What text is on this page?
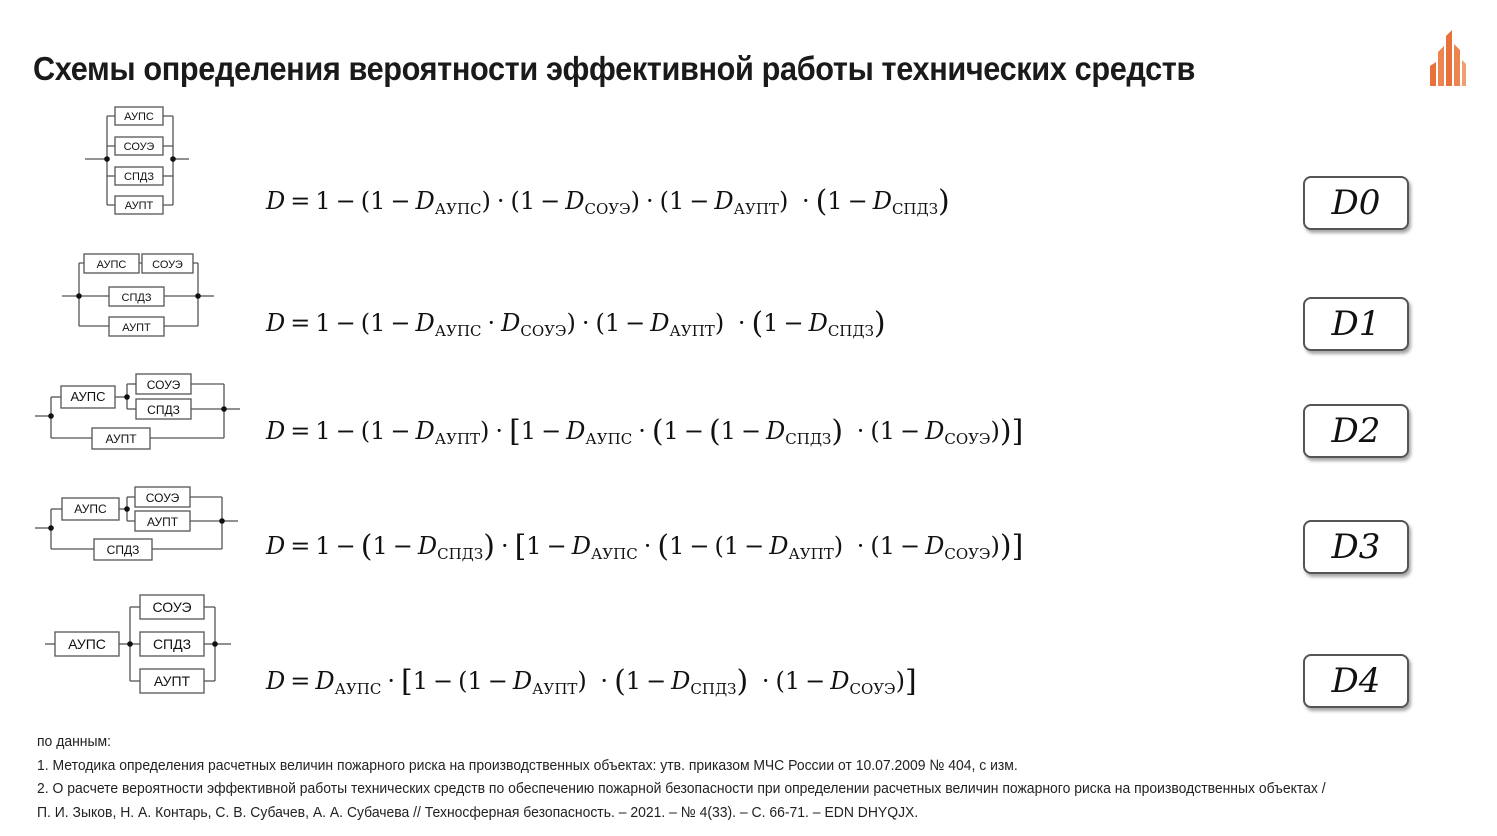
Схемы определения вероятности эффективной работы технических средств
АУПС
СОУЭ
СПДЗ
АУПТ
АУПС СОУЭ
СПДЗ
АУПТ
АУПС
СОУЭ
СПДЗ
АУПТ
АУПС
СОУЭ
АУПТ
СПДЗ
АУПС
СОУЭ
СПДЗ
АУПТ
$D = 1 - (1 - D_{АУПС}) \cdot (1 - D_{СОУЭ}) \cdot (1 - D_{АУПТ}) \cdot (1 - D_{СПДЗ})$
$D = 1 - (1 - D_{АУПС} \cdot D_{СОУЭ}) \cdot (1 - D_{АУПТ}) \cdot (1 - D_{СПДЗ})$
$D = 1 - (1 - D_{АУПТ}) \cdot [1 - D_{АУПС} \cdot (1 - (1 - D_{СПДЗ}) \cdot (1 - D_{СОУЭ}))]$
$D = 1 - (1 - D_{СПДЗ}) \cdot [1 - D_{АУПС} \cdot (1 - (1 - D_{АУПТ}) \cdot (1 - D_{СОУЭ}))]$
$D = D_{АУПС} \cdot [1 - (1 - D_{АУПТ}) \cdot (1 - D_{СПДЗ}) \cdot (1 - D_{СОУЭ})]$
D0
D1
D2
D3
D4
по данным:
1. Методика определения расчетных величин пожарного риска на производственных объектах: утв. приказом МЧС России от 10.07.2009 № 404, с изм.
2. О расчете вероятности эффективной работы технических средств по обеспечению пожарной безопасности при определении расчетных величин пожарного риска на производственных объектах /
П. И. Зыков, Н. А. Контарь, С. В. Субачев, А. А. Субачева // Техносферная безопасность. – 2021. – № 4(33). – С. 66-71. – EDN DHYQJX.
